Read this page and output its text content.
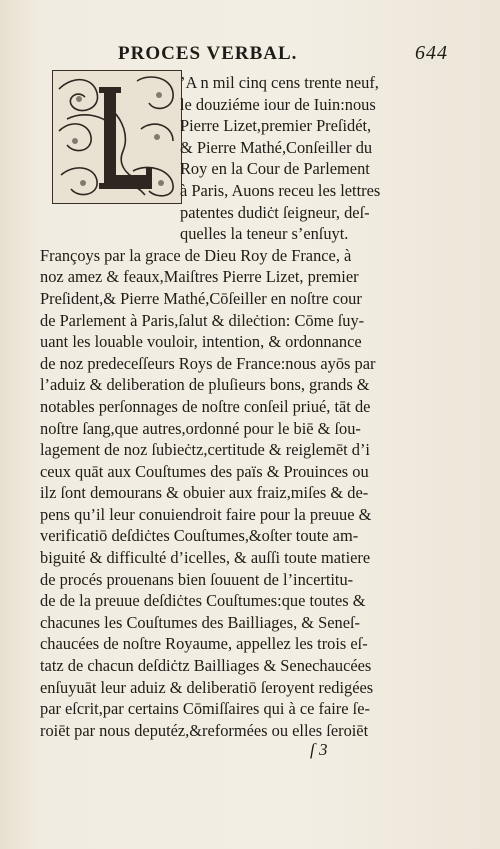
PROCES VERBAL.	644
’A n mil cinq cens trente neuf,
le douziéme iour de Iuin:nous
Pierre Lizet,premier Preſidét,
& Pierre Mathé,Conſeiller du
Roy en la Cour de Parlement
à Paris, Auons receu les lettres
patentes dudiċt ſeigneur, deſ-
quelles la teneur s’enſuyt.
Françoys par la grace de Dieu Roy de France, à
noz amez & feaux,Maiſtres Pierre Lizet, premier
Preſident,& Pierre Mathé,Cōſeiller en noſtre cour
de Parlement à Paris,ſalut & dileċtion: Cōme ſuy-
uant les louable vouloir, intention, & ordonnance
de noz predeceſſeurs Roys de France:nous ayōs par
l’aduiz & deliberation de pluſieurs bons, grands &
notables perſonnages de noſtre conſeil priué, tāt de
noſtre ſang,que autres,ordonné pour le biē & ſou-
lagement de noz ſubieċtz,certitude & reiglemēt d’i
ceux quāt aux Couſtumes des païs & Prouinces ou
ilz ſont demourans & obuier aux fraiz,miſes & de-
pens qu’il leur conuiendroit faire pour la preuue &
verificatiō deſdiċtes Couſtumes,&oſter toute am-
biguité & difficulté d’icelles, & auſſi toute matiere
de procés prouenans bien ſouuent de l’incertitu-
de de la preuue deſdiċtes Couſtumes:que toutes &
chacunes les Couſtumes des Bailliages, & Seneſ-
chaucées de noſtre Royaume, appellez les trois eſ-
tatz de chacun deſdiċtz Bailliages & Senechaucées
enſuyuāt leur aduiz & deliberatiō ſeroyent redigées
par eſcrit,par certains Cōmiſſaires qui à ce faire ſe-
roiēt par nous deputéz,&reformées ou elles ſeroiēt
ſ 3
